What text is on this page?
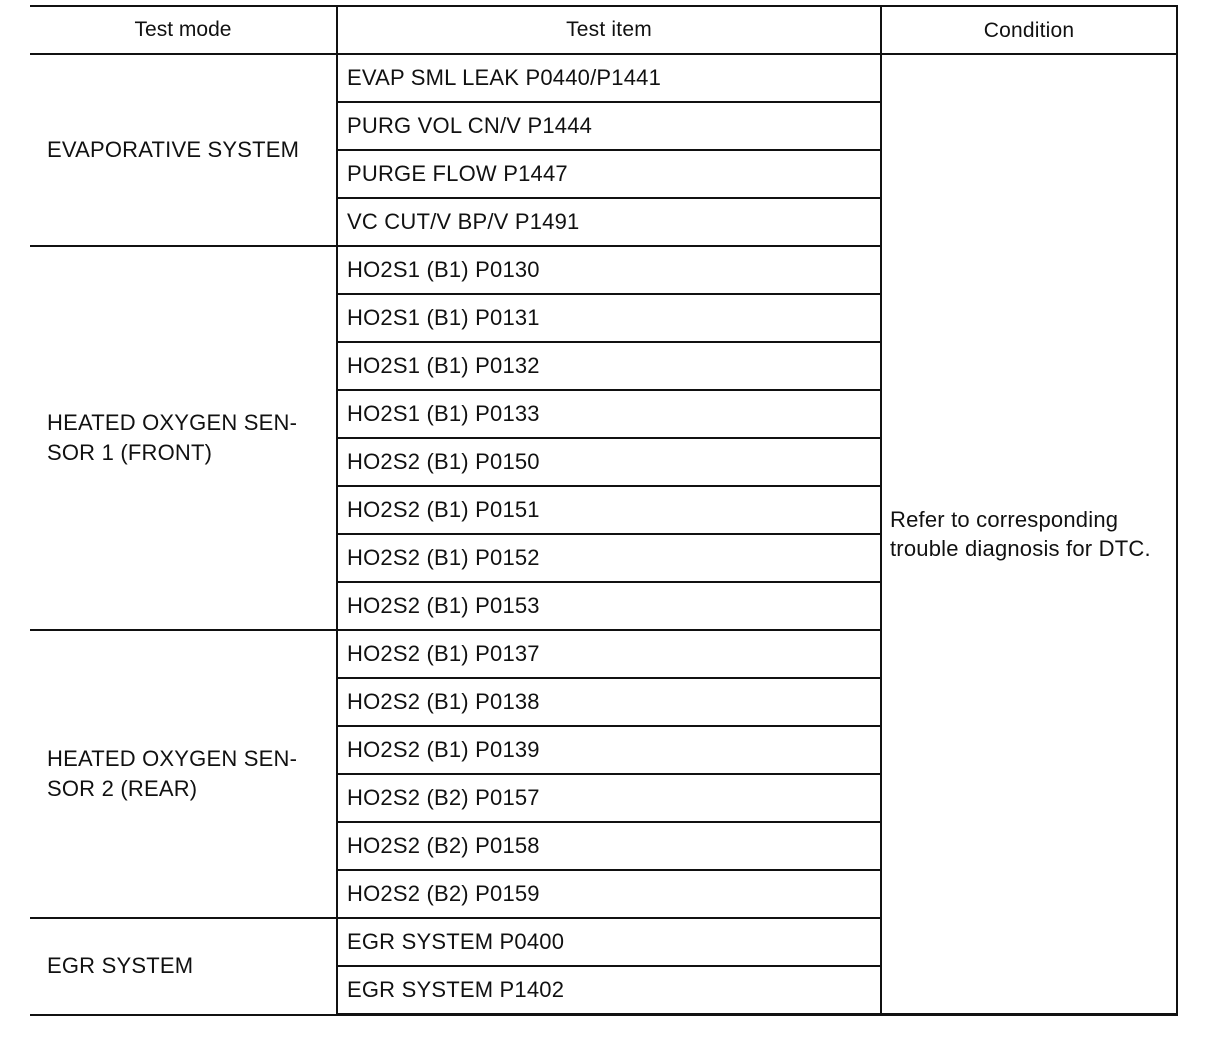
Test mode	Test item	Condition
EVAPORATIVE SYSTEM	EVAP SML LEAK P0440/P1441	Refer to corresponding
trouble diagnosis for DTC.
	PURG VOL CN/V P1444	
	PURGE FLOW P1447	
	VC CUT/V BP/V P1491	
HEATED OXYGEN SEN-
SOR 1 (FRONT)	HO2S1 (B1) P0130	
	HO2S1 (B1) P0131	
	HO2S1 (B1) P0132	
	HO2S1 (B1) P0133	
	HO2S2 (B1) P0150	
	HO2S2 (B1) P0151	
	HO2S2 (B1) P0152	
	HO2S2 (B1) P0153	
HEATED OXYGEN SEN-
SOR 2 (REAR)	HO2S2 (B1) P0137	
	HO2S2 (B1) P0138	
	HO2S2 (B1) P0139	
	HO2S2 (B2) P0157	
	HO2S2 (B2) P0158	
	HO2S2 (B2) P0159	
EGR SYSTEM	EGR SYSTEM P0400	
	EGR SYSTEM P1402	
